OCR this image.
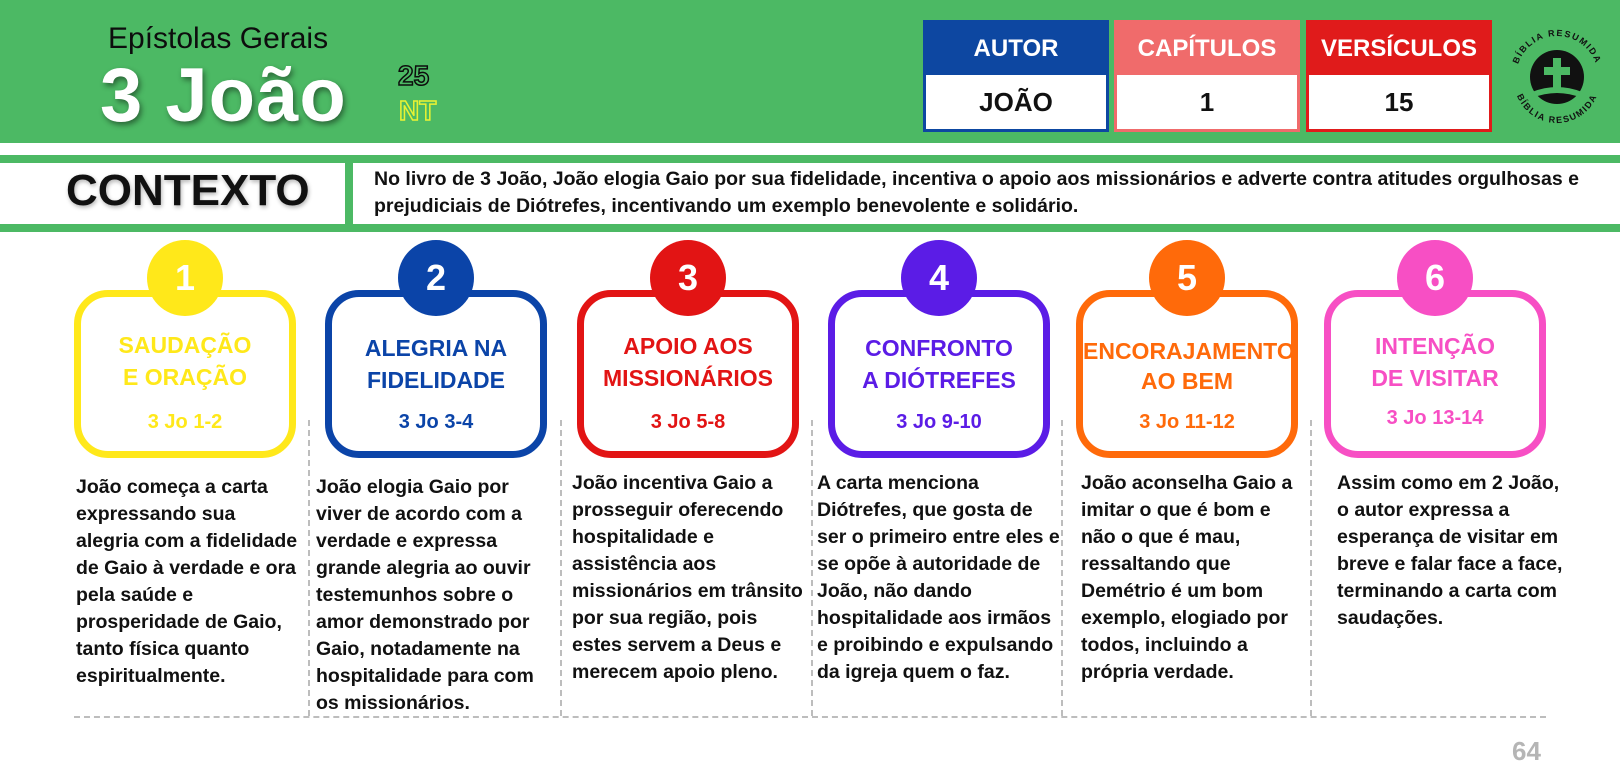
Epístolas Gerais
3 João 25
NT
AUTOR
JOÃO
CAPÍTULOS
1
VERSÍCULOS
15
BÍBLIA RESUMIDA
BÍBLIA RESUMIDA
CONTEXTO	No livro de 3 João, João elogia Gaio por sua fidelidade, incentiva o apoio aos missionários e adverte contra atitudes orgulhosas e prejudiciais de Diótrefes, incentivando um exemplo benevolente e solidário.
SAUDAÇÃO
E ORAÇÃO
3 Jo 1-2
1
João começa a carta expressando sua alegria com a fidelidade de Gaio à verdade e ora pela saúde e prosperidade de Gaio, tanto física quanto espiritualmente.
ALEGRIA NA
FIDELIDADE
3 Jo 3-4
2
João elogia Gaio por viver de acordo com a verdade e expressa grande alegria ao ouvir testemunhos sobre o amor demonstrado por Gaio, notadamente na hospitalidade para com os missionários.
APOIO AOS
MISSIONÁRIOS
3 Jo 5-8
3
João incentiva Gaio a prosseguir oferecendo hospitalidade e assistência aos missionários em trânsito por sua região, pois estes servem a Deus e merecem apoio pleno.
CONFRONTO
A DIÓTREFES
3 Jo 9-10
4
A carta menciona Diótrefes, que gosta de ser o primeiro entre eles e se opõe à autoridade de João, não dando hospitalidade aos irmãos e proibindo e expulsando da igreja quem o faz.
ENCORAJAMENTO
AO BEM
3 Jo 11-12
5
João aconselha Gaio a imitar o que é bom e não o que é mau, ressaltando que Demétrio é um bom exemplo, elogiado por todos, incluindo a própria verdade.
INTENÇÃO
DE VISITAR
3 Jo 13-14
6
Assim como em 2 João, o autor expressa a esperança de visitar em breve e falar face a face, terminando a carta com saudações.
64
